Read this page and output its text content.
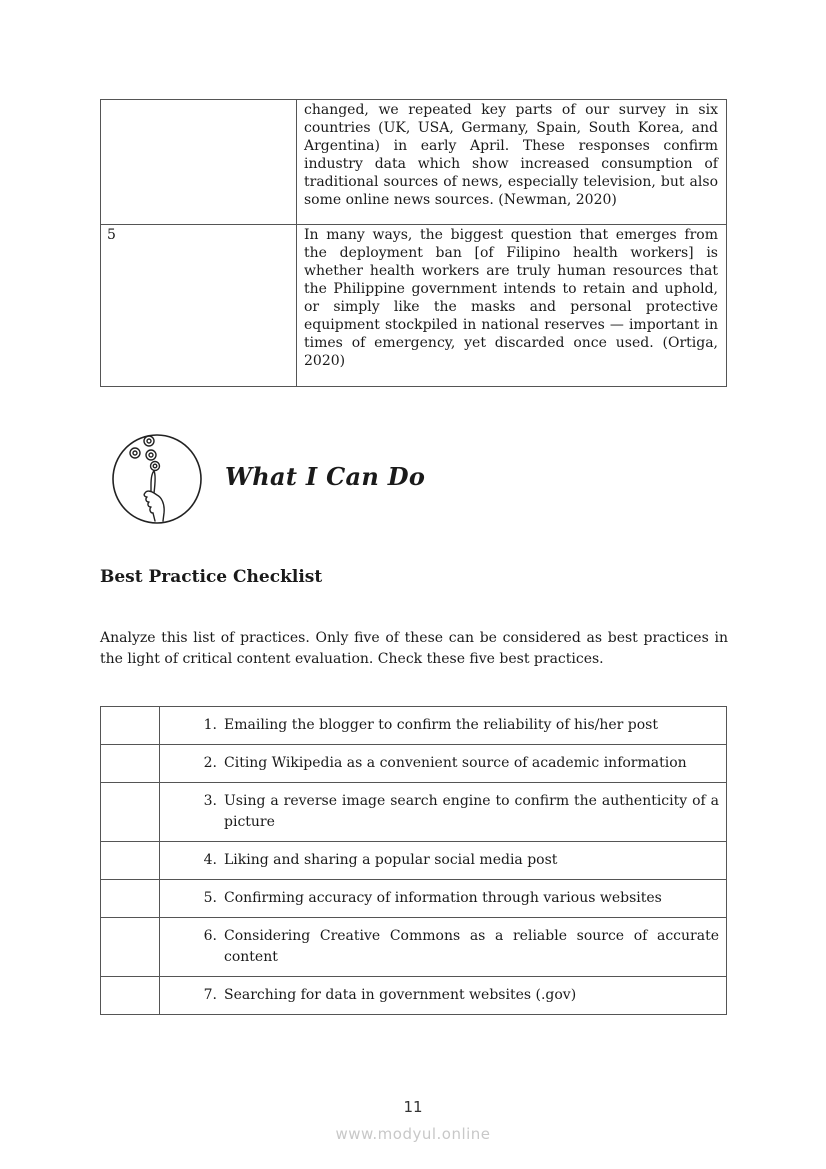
	changed, we repeated key parts of our survey in six countries (UK, USA, Germany, Spain, South Korea, and Argentina) in early April. These responses confirm industry data which show increased consumption of traditional sources of news, especially television, but also some online news sources. (Newman, 2020)
5	In many ways, the biggest question that emerges from the deployment ban [of Filipino health workers] is whether health workers are truly human resources that the Philippine government intends to retain and uphold, or simply like the masks and personal protective equipment stockpiled in national reserves — important in times of emergency, yet discarded once used. (Ortiga, 2020)
What I Can Do
Best Practice Checklist
Analyze this list of practices. Only five of these can be considered as best practices in the light of critical content evaluation. Check these five best practices.

	1. Emailing the blogger to confirm the reliability of his/her post

	2. Citing Wikipedia as a convenient source of academic information

	3. Using a reverse image search engine to confirm the authenticity of a picture

	4. Liking and sharing a popular social media post

	5. Confirming accuracy of information through various websites

	6. Considering Creative Commons as a reliable source of accurate content

	7. Searching for data in government websites (.gov)
11
www.modyul.online
